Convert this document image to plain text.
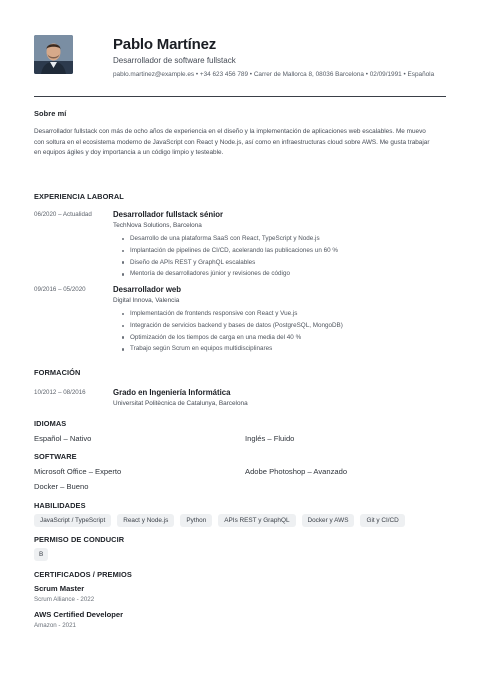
Pablo Martínez
Desarrollador de software fullstack
pablo.martinez@example.es • +34 623 456 789 • Carrer de Mallorca 8, 08036 Barcelona • 02/09/1991 • Española
Sobre mí
Desarrollador fullstack con más de ocho años de experiencia en el diseño y la implementación de aplicaciones web escalables. Me muevo con soltura en el ecosistema moderno de JavaScript con React y Node.js, así como en infraestructuras cloud sobre AWS. Me gusta trabajar en equipos ágiles y doy importancia a un código limpio y testeable.
EXPERIENCIA LABORAL
06/2020 – Actualidad	Desarrollador fullstack sénior
TechNova Solutions, Barcelona
Desarrollo de una plataforma SaaS con React, TypeScript y Node.js
Implantación de pipelines de CI/CD, acelerando las publicaciones un 60 %
Diseño de APIs REST y GraphQL escalables
Mentoría de desarrolladores júnior y revisiones de código
09/2016 – 05/2020	Desarrollador web
Digital Innova, Valencia
Implementación de frontends responsive con React y Vue.js
Integración de servicios backend y bases de datos (PostgreSQL, MongoDB)
Optimización de los tiempos de carga en una media del 40 %
Trabajo según Scrum en equipos multidisciplinares
FORMACIÓN
10/2012 – 08/2016	Grado en Ingeniería Informática
Universitat Politècnica de Catalunya, Barcelona
IDIOMAS
Español – Nativo	Inglés – Fluido
SOFTWARE
Microsoft Office – Experto	Adobe Photoshop – Avanzado
Docker – Bueno
HABILIDADES
JavaScript / TypeScript	React y Node.js	Python	APIs REST y GraphQL	Docker y AWS	Git y CI/CD
PERMISO DE CONDUCIR
B
CERTIFICADOS / PREMIOS
Scrum Master
Scrum Alliance - 2022
AWS Certified Developer
Amazon - 2021
